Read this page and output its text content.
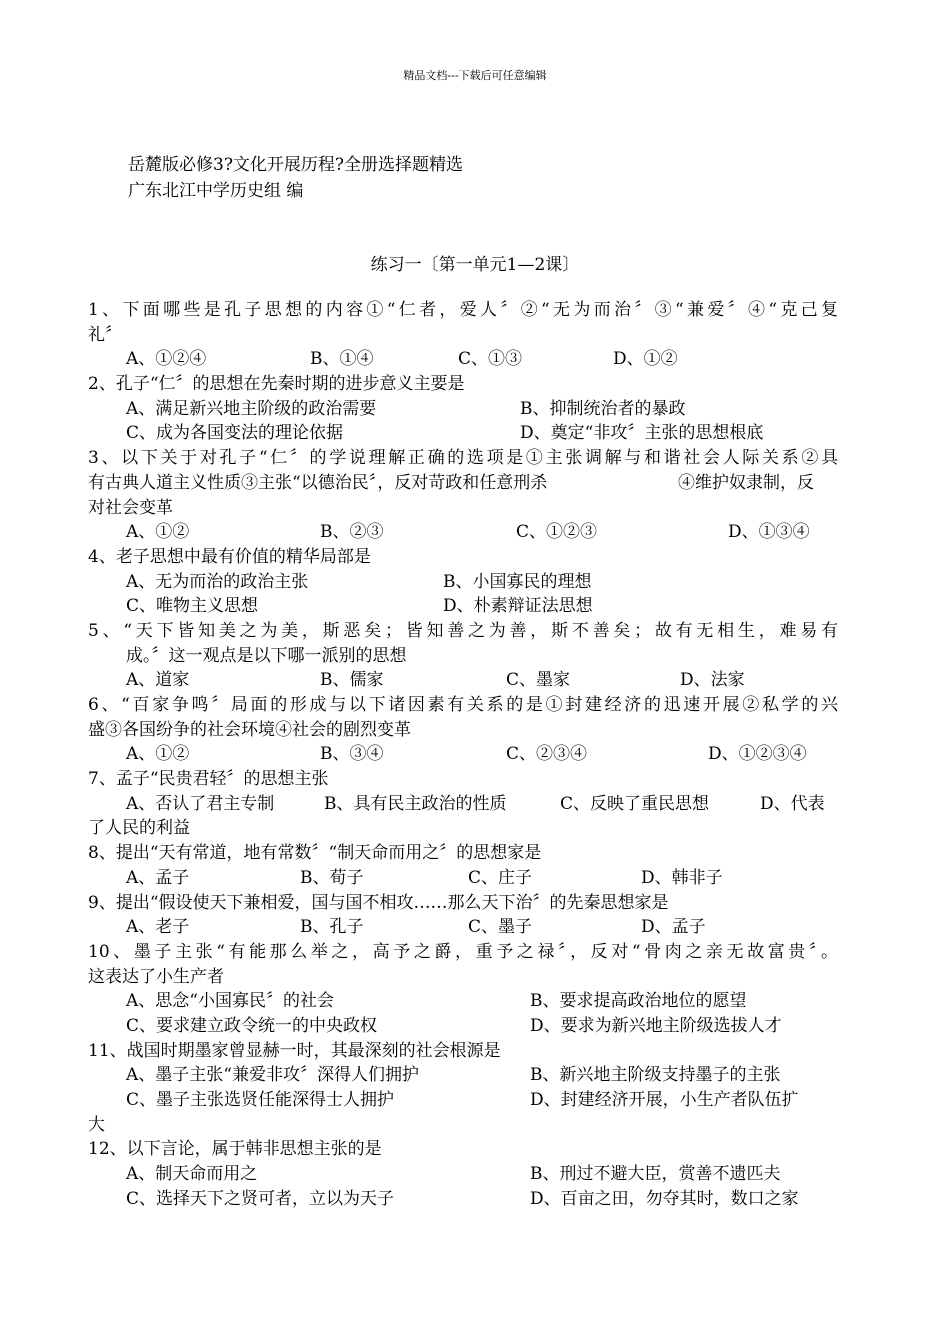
精品文档---下载后可任意编辑
岳麓版必修3?文化开展历程?全册选择题精选
广东北江中学历史组 编
练习一〔第一单元1—2课〕
1、下面哪些是孔子思想的内容①“仁者，爱人〞②“无为而治〞③“兼爱〞④“克己复
礼〞
A、①②④	B、①④	C、①③	D、①②
2、孔子“仁〞的思想在先秦时期的进步意义主要是
A、满足新兴地主阶级的政治需要	B、抑制统治者的暴政
C、成为各国变法的理论依据	D、奠定“非攻〞主张的思想根底
3、以下关于对孔子“仁〞的学说理解正确的选项是①主张调解与和谐社会人际关系②具
有古典人道主义性质③主张“以德治民〞，反对苛政和任意刑杀	④维护奴隶制，反
对社会变革
A、①②	B、②③	C、①②③	D、①③④
4、老子思想中最有价值的精华局部是
A、无为而治的政治主张	B、小国寡民的理想
C、唯物主义思想	D、朴素辩证法思想
5、“天下皆知美之为美，斯恶矣；皆知善之为善，斯不善矣；故有无相生，难易有
成。〞这一观点是以下哪一派别的思想
A、道家	B、儒家	C、墨家	D、法家
6、“百家争鸣〞局面的形成与以下诸因素有关系的是①封建经济的迅速开展②私学的兴
盛③各国纷争的社会环境④社会的剧烈变革
A、①②	B、③④	C、②③④	D、①②③④
7、孟子“民贵君轻〞的思想主张
A、否认了君主专制	B、具有民主政治的性质	C、反映了重民思想	D、代表
了人民的利益
8、提出“天有常道，地有常数〞“制天命而用之〞的思想家是
A、孟子	B、荀子	C、庄子	D、韩非子
9、提出“假设使天下兼相爱，国与国不相攻……那么天下治〞的先秦思想家是
A、老子	B、孔子	C、墨子	D、孟子
10、墨子主张“有能那么举之，高予之爵，重予之禄〞，反对“骨肉之亲无故富贵〞。
这表达了小生产者
A、思念“小国寡民〞的社会	B、要求提高政治地位的愿望
C、要求建立政令统一的中央政权	D、要求为新兴地主阶级选拔人才
11、战国时期墨家曾显赫一时，其最深刻的社会根源是
A、墨子主张“兼爱非攻〞深得人们拥护	B、新兴地主阶级支持墨子的主张
C、墨子主张选贤任能深得士人拥护	D、封建经济开展，小生产者队伍扩
大
12、以下言论，属于韩非思想主张的是
A、制天命而用之	B、刑过不避大臣，赏善不遗匹夫
C、选择天下之贤可者，立以为天子	D、百亩之田，勿夺其时，数口之家
